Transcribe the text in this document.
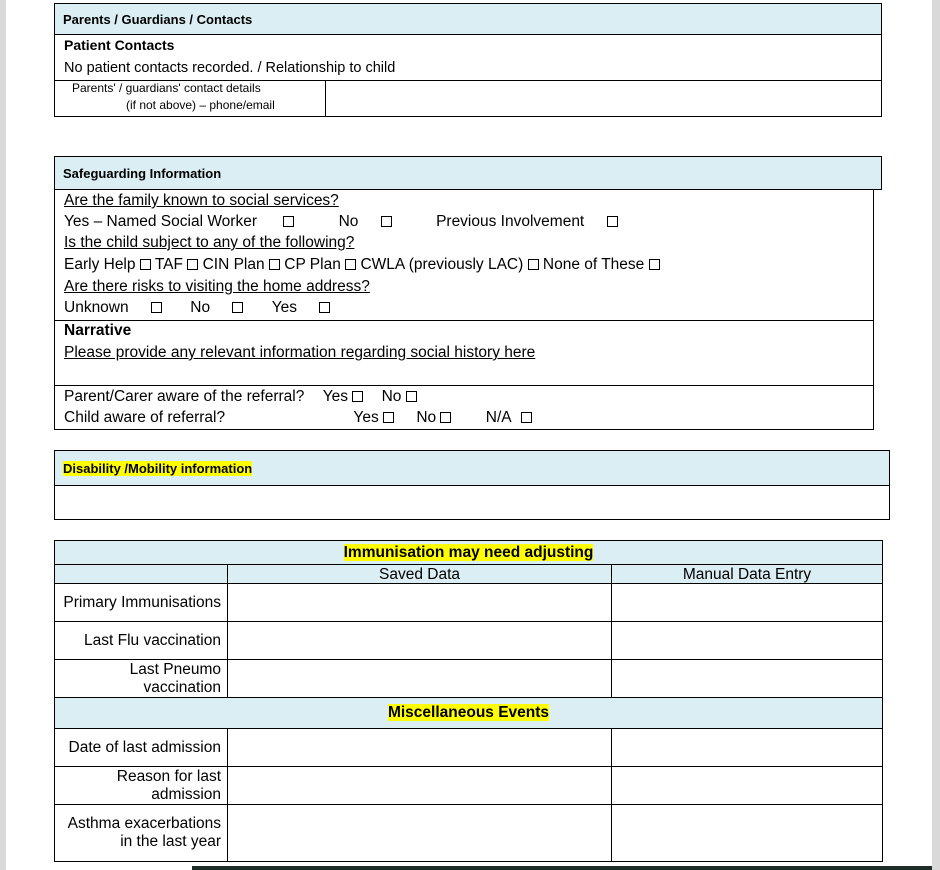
Parents / Guardians / Contacts
Patient Contacts
No patient contacts recorded. / Relationship to child
Parents' / guardians' contact details
(if not above) – phone/email
Safeguarding Information
Are the family known to social services?
Yes – Named Social Worker	No	Previous Involvement
Is the child subject to any of the following?
Early Help TAF CIN Plan CP Plan CWLA (previously LAC) None of These
Are there risks to visiting the home address?
Unknown	No	Yes
Narrative
Please provide any relevant information regarding social history here
Parent/Carer aware of the referral? Yes No
Child aware of referral?	Yes No	N/A
Disability /Mobility information
Immunisation may need adjusting		
	Saved Data	Manual Data Entry
Primary Immunisations		
Last Flu vaccination		
Last Pneumo vaccination		
Miscellaneous Events		
Date of last admission		
Reason for last admission		
Asthma exacerbations in the last year		
